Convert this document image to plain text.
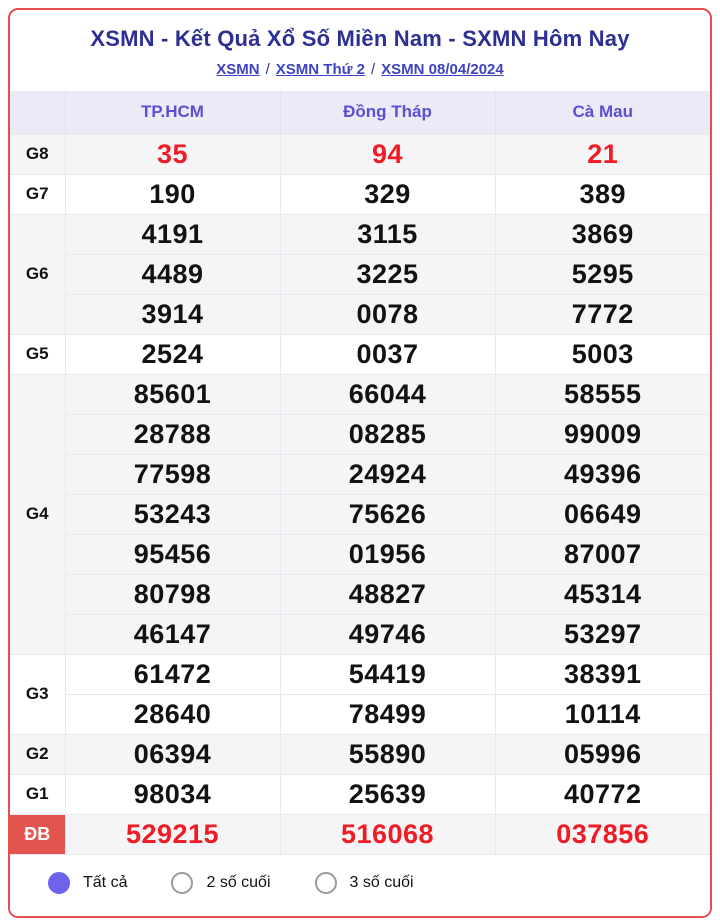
XSMN - Kết Quả Xổ Số Miền Nam - SXMN Hôm Nay
XSMN / XSMN Thứ 2 / XSMN 08/04/2024
	TP.HCM	Đồng Tháp	Cà Mau
G8	35	94	21
G7	190	329	389
G6	4191	3115	3869
	4489	3225	5295
	3914	0078	7772
G5	2524	0037	5003
G4	85601	66044	58555
	28788	08285	99009
	77598	24924	49396
	53243	75626	06649
	95456	01956	87007
	80798	48827	45314
	46147	49746	53297
G3	61472	54419	38391
	28640	78499	10114
G2	06394	55890	05996
G1	98034	25639	40772
ĐB	529215	516068	037856
Tất cả	2 số cuối	3 số cuối
